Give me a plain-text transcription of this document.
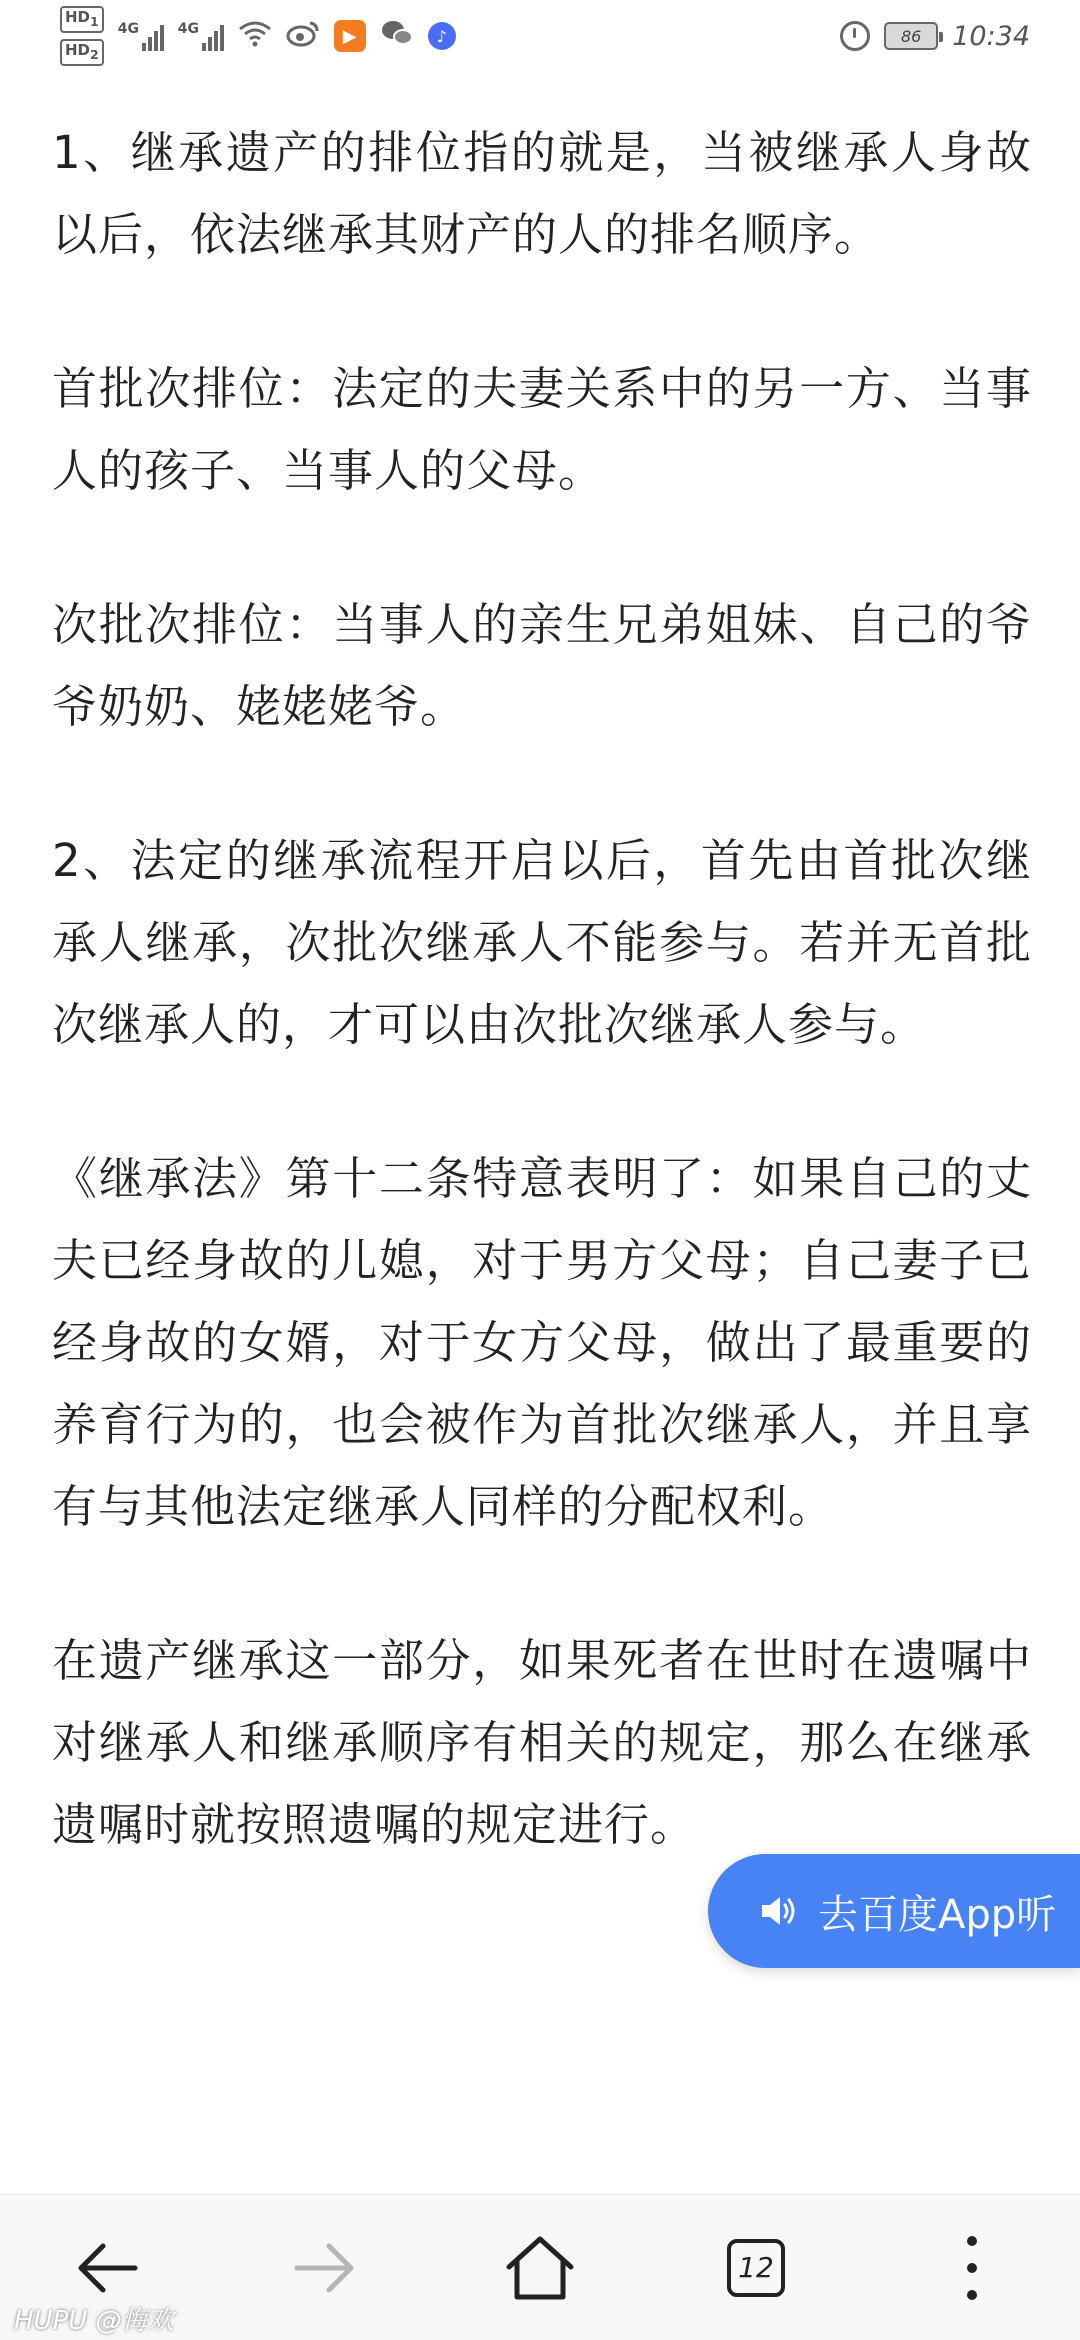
$HD_1$
$HD_2$
4G	4G	▶	♪	86	10:34

1、继承遗产的排位指的就是，当被继承人身故以后，依法继承其财产的人的排名顺序。

首批次排位：法定的夫妻关系中的另一方、当事人的孩子、当事人的父母。

次批次排位：当事人的亲生兄弟姐妹、自己的爷爷奶奶、姥姥姥爷。

2、法定的继承流程开启以后，首先由首批次继承人继承，次批次继承人不能参与。若并无首批次继承人的，才可以由次批次继承人参与。

《继承法》第十二条特意表明了：如果自己的丈夫已经身故的儿媳，对于男方父母；自己妻子已经身故的女婿，对于女方父母，做出了最重要的养育行为的，也会被作为首批次继承人，并且享有与其他法定继承人同样的分配权利。

在遗产继承这一部分，如果死者在世时在遗嘱中对继承人和继承顺序有相关的规定，那么在继承遗嘱时就按照遗嘱的规定进行。

去百度App听
12
HUPU @悔欢
